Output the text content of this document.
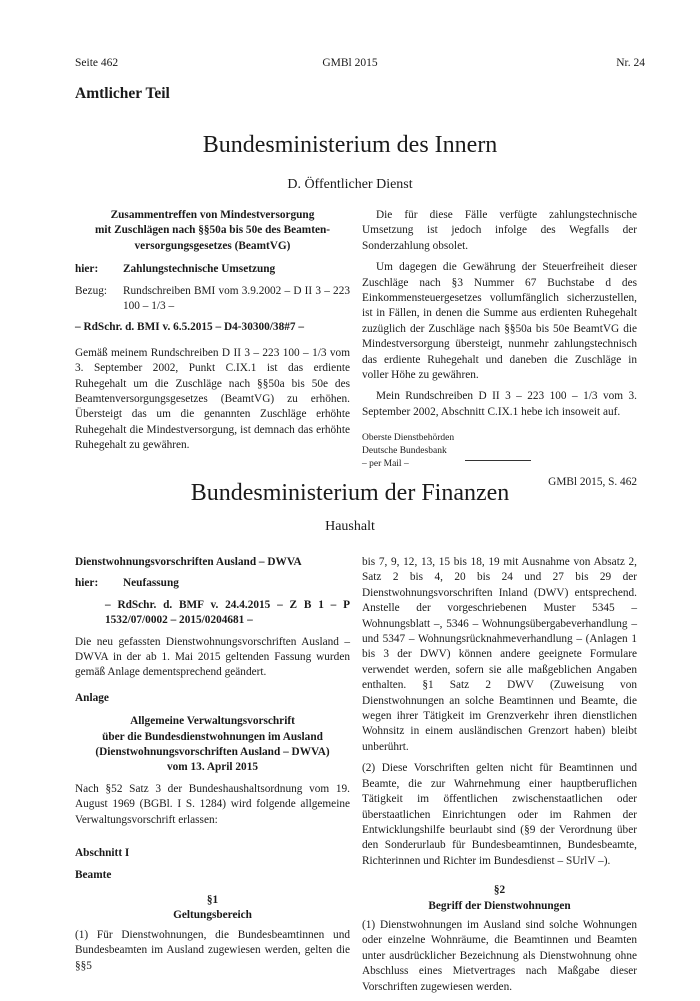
Seite 462	GMBl 2015	Nr. 24
Amtlicher Teil
Bundesministerium des Innern
D. Öffentlicher Dienst
Zusammentreffen von Mindestversorgung
mit Zuschlägen nach §§50a bis 50e des Beamten-
versorgungsgesetzes (BeamtVG)
hier:	Zahlungstechnische Umsetzung
Bezug:	Rundschreiben BMI vom 3.9.2002 – D II 3 – 223 100 – 1/3 –

– RdSchr. d. BMI v. 6.5.2015 – D4-30300/38#7 –

Gemäß meinem Rundschreiben D II 3 – 223 100 – 1/3 vom 3. September 2002, Punkt C.IX.1 ist das erdiente Ruhegehalt um die Zuschläge nach §§50a bis 50e des Beamtenversorgungsgesetzes (BeamtVG) zu erhöhen. Übersteigt das um die genannten Zuschläge erhöhte Ruhegehalt die Mindestversorgung, ist demnach das erhöhte Ruhegehalt zu gewähren.

Die für diese Fälle verfügte zahlungstechnische Umsetzung ist jedoch infolge des Wegfalls der Sonderzahlung obsolet.

Um dagegen die Gewährung der Steuerfreiheit dieser Zuschläge nach §3 Nummer 67 Buchstabe d des Einkommensteuergesetzes vollumfänglich sicherzustellen, ist in Fällen, in denen die Summe aus erdienten Ruhegehalt zuzüglich der Zuschläge nach §§50a bis 50e BeamtVG die Mindestversorgung übersteigt, nunmehr zahlungstechnisch das erdiente Ruhegehalt und daneben die Zuschläge in voller Höhe zu gewähren.

Mein Rundschreiben D II 3 – 223 100 – 1/3 vom 3. September 2002, Abschnitt C.IX.1 hebe ich insoweit auf.

Oberste Dienstbehörden
Deutsche Bundesbank
– per Mail –
GMBl 2015, S. 462
Bundesministerium der Finanzen
Haushalt

Dienstwohnungsvorschriften Ausland – DWVA

hier:	Neufassung

– RdSchr. d. BMF v. 24.4.2015 – Z B 1 – P 1532/07/0002 – 2015/0204681 –

Die neu gefassten Dienstwohnungsvorschriften Ausland – DWVA in der ab 1. Mai 2015 geltenden Fassung wurden gemäß Anlage dementsprechend geändert.

Anlage

Allgemeine Verwaltungsvorschrift
über die Bundesdienstwohnungen im Ausland
(Dienstwohnungsvorschriften Ausland – DWVA)
vom 13. April 2015

Nach §52 Satz 3 der Bundeshaushaltsordnung vom 19. August 1969 (BGBl. I S. 1284) wird folgende allgemeine Verwaltungsvorschrift erlassen:

Abschnitt I

Beamte

§1
Geltungsbereich

(1) Für Dienstwohnungen, die Bundesbeamtinnen und Bundesbeamten im Ausland zugewiesen werden, gelten die §§5

bis 7, 9, 12, 13, 15 bis 18, 19 mit Ausnahme von Absatz 2, Satz 2 bis 4, 20 bis 24 und 27 bis 29 der Dienstwohnungsvorschriften Inland (DWV) entsprechend. Anstelle der vorgeschriebenen Muster 5345 – Wohnungsblatt –, 5346 – Wohnungsübergabeverhandlung – und 5347 – Wohnungsrücknahmeverhandlung – (Anlagen 1 bis 3 der DWV) können andere geeignete Formulare verwendet werden, sofern sie alle maßgeblichen Angaben enthalten. §1 Satz 2 DWV (Zuweisung von Dienstwohnungen an solche Beamtinnen und Beamte, die wegen ihrer Tätigkeit im Grenzverkehr ihren dienstlichen Wohnsitz in einem ausländischen Grenzort haben) bleibt unberührt.

(2) Diese Vorschriften gelten nicht für Beamtinnen und Beamte, die zur Wahrnehmung einer hauptberuflichen Tätigkeit im öffentlichen zwischenstaatlichen oder überstaatlichen Einrichtungen oder im Rahmen der Entwicklungshilfe beurlaubt sind (§9 der Verordnung über den Sonderurlaub für Bundesbeamtinnen, Bundesbeamte, Richterinnen und Richter im Bundesdienst – SUrlV –).

§2
Begriff der Dienstwohnungen

(1) Dienstwohnungen im Ausland sind solche Wohnungen oder einzelne Wohnräume, die Beamtinnen und Beamten unter ausdrücklicher Bezeichnung als Dienstwohnung ohne Abschluss eines Mietvertrages nach Maßgabe dieser Vorschriften zugewiesen werden.
